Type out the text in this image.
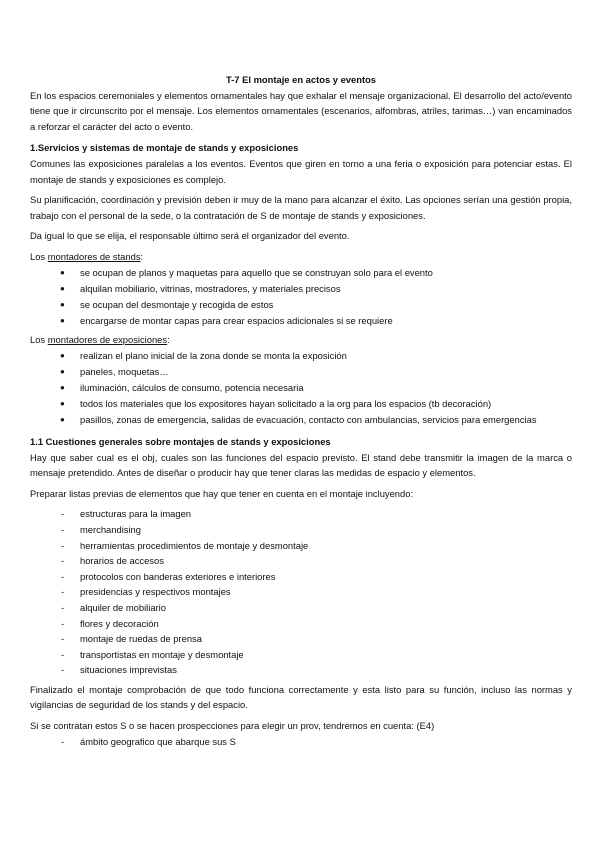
T-7 El montaje en actos y eventos

En los espacios ceremoniales y elementos ornamentales hay que exhalar el mensaje organizacional. El desarrollo del acto/evento tiene que ir circunscrito por el mensaje. Los elementos ornamentales (escenarios, alfombras, atriles, tarimas…) van encaminados a reforzar el carácter del acto o evento.

1.Servicios y sistemas de montaje de stands y exposiciones

Comunes las exposiciones paralelas a los eventos. Eventos que giren en torno a una feria o exposición para potenciar estas. El montaje de stands y exposiciones es complejo.

Su planificación, coordinación y previsión deben ir muy de la mano para alcanzar el éxito. Las opciones serían una gestión propia, trabajo con el personal de la sede, o la contratación de S de montaje de stands y exposiciones.

Da igual lo que se elija, el responsable último será el organizador del evento.

Los montadores de stands:

● se ocupan de planos y maquetas para aquello que se construyan solo para el evento
● alquilan mobiliario, vitrinas, mostradores, y materiales precisos
● se ocupan del desmontaje y recogida de estos
● encargarse de montar capas para crear espacios adicionales si se requiere

Los montadores de exposiciones:

● realizan el plano inicial de la zona donde se monta la exposición
● paneles, moquetas…
● iluminación, cálculos de consumo, potencia necesaria
● todos los materiales que los expositores hayan solicitado a la org para los espacios (tb decoración)
● pasillos, zonas de emergencia, salidas de evacuación, contacto con ambulancias, servicios para emergencias
1.1 Cuestiones generales sobre montajes de stands y exposiciones

Hay que saber cual es el obj, cuales son las funciones del espacio previsto. El stand debe transmitir la imagen de la marca o mensaje pretendido. Antes de diseñar o producir hay que tener claras las medidas de espacio y elementos.

Preparar listas previas de elementos que hay que tener en cuenta en el montaje incluyendo:

- estructuras para la imagen
- merchandising
- herramientas procedimientos de montaje y desmontaje
- horarios de accesos
- protocolos con banderas exteriores e interiores
- presidencias y respectivos montajes
- alquiler de mobiliario
- flores y decoración
- montaje de ruedas de prensa
- transportistas en montaje y desmontaje
- situaciones imprevistas

Finalizado el montaje comprobación de que todo funciona correctamente y esta listo para su función, incluso las normas y vigilancias de seguridad de los stands y del espacio.

Si se contratan estos S o se hacen prospecciones para elegir un prov, tendremos en cuenta: (E4)

- ámbito geografico que abarque sus S
